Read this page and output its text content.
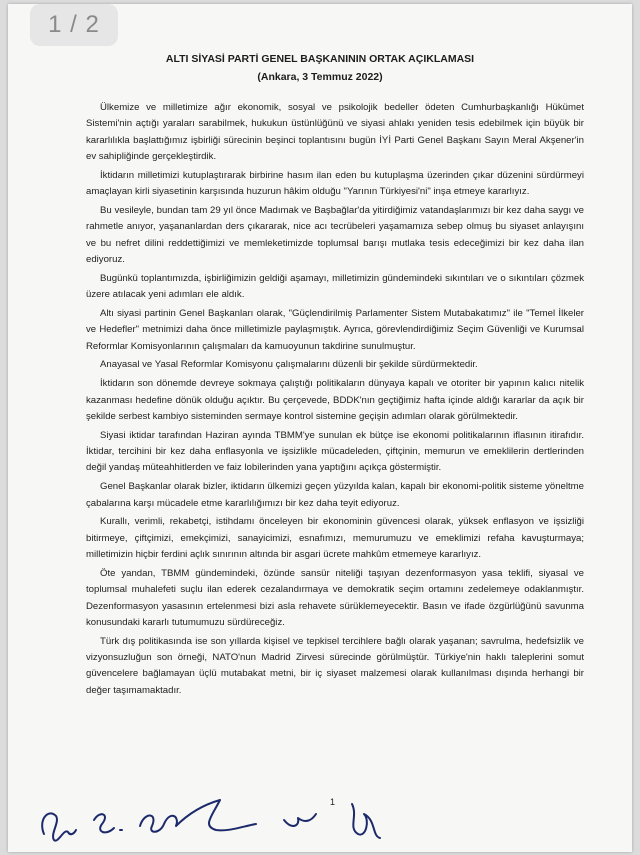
1 / 2
ALTI SİYASİ PARTİ GENEL BAŞKANININ ORTAK AÇIKLAMASI
(Ankara, 3 Temmuz 2022)

Ülkemize ve milletimize ağır ekonomik, sosyal ve psikolojik bedeller ödeten Cumhurbaşkanlığı Hükümet Sistemi'nin açtığı yaraları sarabilmek, hukukun üstünlüğünü ve siyasi ahlakı yeniden tesis edebilmek için büyük bir kararlılıkla başlattığımız işbirliği sürecinin beşinci toplantısını bugün İYİ Parti Genel Başkanı Sayın Meral Akşener'in ev sahipliğinde gerçekleştirdik.

İktidarın milletimizi kutuplaştırarak birbirine hasım ilan eden bu kutuplaşma üzerinden çıkar düzenini sürdürmeyi amaçlayan kirli siyasetinin karşısında huzurun hâkim olduğu "Yarının Türkiyesi'ni" inşa etmeye kararlıyız.

Bu vesileyle, bundan tam 29 yıl önce Madımak ve Başbağlar'da yitirdiğimiz vatandaşlarımızı bir kez daha saygı ve rahmetle anıyor, yaşananlardan ders çıkararak, nice acı tecrübeleri yaşamamıza sebep olmuş bu siyaset anlayışını ve bu nefret dilini reddettiğimizi ve memleketimizde toplumsal barışı mutlaka tesis edeceğimizi bir kez daha ilan ediyoruz.

Bugünkü toplantımızda, işbirliğimizin geldiği aşamayı, milletimizin gündemindeki sıkıntıları ve o sıkıntıları çözmek üzere atılacak yeni adımları ele aldık.

Altı siyasi partinin Genel Başkanları olarak, "Güçlendirilmiş Parlamenter Sistem Mutabakatımız" ile "Temel İlkeler ve Hedefler" metnimizi daha önce milletimizle paylaşmıştık. Ayrıca, görevlendirdiğimiz Seçim Güvenliği ve Kurumsal Reformlar Komisyonlarının çalışmaları da kamuoyunun takdirine sunulmuştur.

Anayasal ve Yasal Reformlar Komisyonu çalışmalarını düzenli bir şekilde sürdürmektedir.

İktidarın son dönemde devreye sokmaya çalıştığı politikaların dünyaya kapalı ve otoriter bir yapının kalıcı nitelik kazanması hedefine dönük olduğu açıktır. Bu çerçevede, BDDK'nın geçtiğimiz hafta içinde aldığı kararlar da açık bir şekilde serbest kambiyo sisteminden sermaye kontrol sistemine geçişin adımları olarak görülmektedir.

Siyasi iktidar tarafından Haziran ayında TBMM'ye sunulan ek bütçe ise ekonomi politikalarının iflasının itirafıdır. İktidar, tercihini bir kez daha enflasyonla ve işsizlikle mücadeleden, çiftçinin, memurun ve emeklilerin dertlerinden değil yandaş müteahhitlerden ve faiz lobilerinden yana yaptığını açıkça göstermiştir.

Genel Başkanlar olarak bizler, iktidarın ülkemizi geçen yüzyılda kalan, kapalı bir ekonomi-politik sisteme yöneltme çabalarına karşı mücadele etme kararlılığımızı bir kez daha teyit ediyoruz.

Kurallı, verimli, rekabetçi, istihdamı önceleyen bir ekonominin güvencesi olarak, yüksek enflasyon ve işsizliği bitirmeye, çiftçimizi, emekçimizi, sanayicimizi, esnafımızı, memurumuzu ve emeklimizi refaha kavuşturmaya; milletimizin hiçbir ferdini açlık sınırının altında bir asgari ücrete mahkûm etmemeye kararlıyız.

Öte yandan, TBMM gündemindeki, özünde sansür niteliği taşıyan dezenformasyon yasa teklifi, siyasal ve toplumsal muhalefeti suçlu ilan ederek cezalandırmaya ve demokratik seçim ortamını zedelemeye odaklanmıştır. Dezenformasyon yasasının ertelenmesi bizi asla rehavete sürüklemeyecektir. Basın ve ifade özgürlüğünü savunma konusundaki kararlı tutumumuzu sürdüreceğiz.

Türk dış politikasında ise son yıllarda kişisel ve tepkisel tercihlere bağlı olarak yaşanan; savrulma, hedefsizlik ve vizyonsuzluğun son örneği, NATO'nun Madrid Zirvesi sürecinde görülmüştür. Türkiye'nin haklı taleplerini somut güvencelere bağlamayan üçlü mutabakat metni, bir iç siyaset malzemesi olarak kullanılması dışında herhangi bir değer taşımamaktadır.

1
